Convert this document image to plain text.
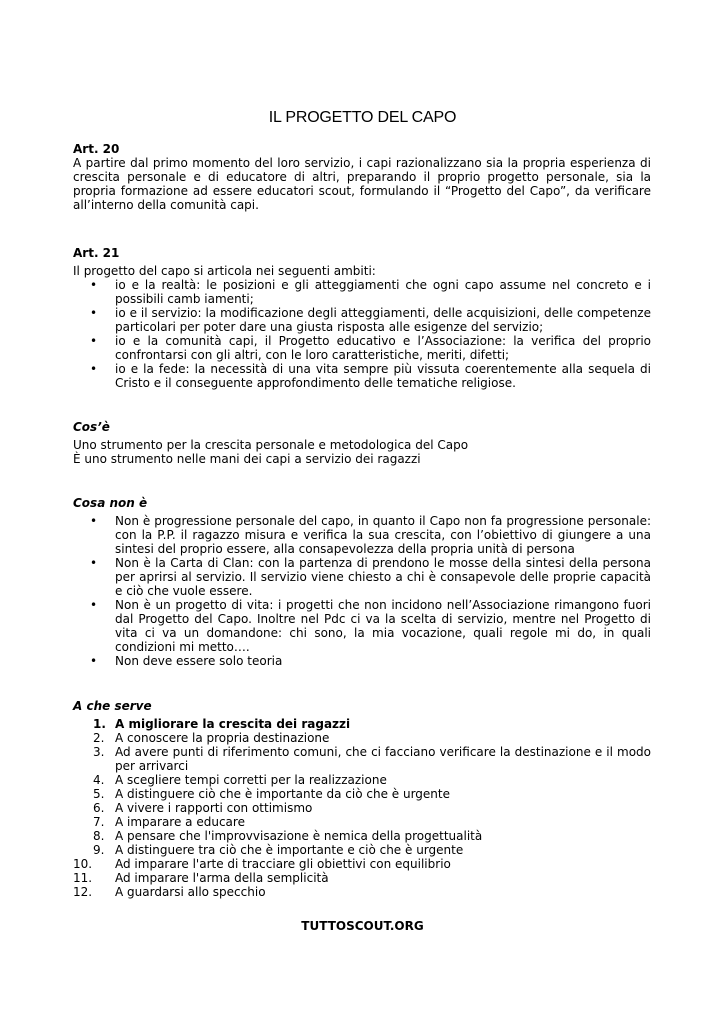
IL PROGETTO DEL CAPO
Art. 20

A partire dal primo momento del loro servizio, i capi razionalizzano sia la propria esperienza di crescita personale e di educatore di altri, preparando il proprio progetto personale, sia la propria formazione ad essere educatori scout, formulando il “Progetto del Capo”, da verificare all’interno della comunità capi.

Art. 21
Il progetto del capo si articola nei seguenti ambiti:
• io e la realtà: le posizioni e gli atteggiamenti che ogni capo assume nel concreto e i possibili camb iamenti;
• io e il servizio: la modificazione degli atteggiamenti, delle acquisizioni, delle competenze particolari per poter dare una giusta risposta alle esigenze del servizio;
• io e la comunità capi, il Progetto educativo e l’Associazione: la verifica del proprio confrontarsi con gli altri, con le loro caratteristiche, meriti, difetti;
• io e la fede: la necessità di una vita sempre più vissuta coerentemente alla sequela di Cristo e il conseguente approfondimento delle tematiche religiose.
Cos’è
Uno strumento per la crescita personale e metodologica del Capo
È uno strumento nelle mani dei capi a servizio dei ragazzi
Cosa non è
• Non è progressione personale del capo, in quanto il Capo non fa progressione personale: con la P.P. il ragazzo misura e verifica la sua crescita, con l’obiettivo di giungere a una sintesi del proprio essere, alla consapevolezza della propria unità di persona
• Non è la Carta di Clan: con la partenza di prendono le mosse della sintesi della persona per aprirsi al servizio. Il servizio viene chiesto a chi è consapevole delle proprie capacità e ciò che vuole essere.
• Non è un progetto di vita: i progetti che non incidono nell’Associazione rimangono fuori dal Progetto del Capo. Inoltre nel Pdc ci va la scelta di servizio, mentre nel Progetto di vita ci va un domandone: chi sono, la mia vocazione, quali regole mi do, in quali condizioni mi metto….
• Non deve essere solo teoria
A che serve
1. A migliorare la crescita dei ragazzi
2. A conoscere la propria destinazione
3. Ad avere punti di riferimento comuni, che ci facciano verificare la destinazione e il modo per arrivarci
4. A scegliere tempi corretti per la realizzazione
5. A distinguere ciò che è importante da ciò che è urgente
6. A vivere i rapporti con ottimismo
7. A imparare a educare
8. A pensare che l'improvvisazione è nemica della progettualità
9. A distinguere tra ciò che è importante e ciò che è urgente
10. Ad imparare l'arte di tracciare gli obiettivi con equilibrio
11. Ad imparare l'arma della semplicità
12. A guardarsi allo specchio
TUTTOSCOUT.ORG
